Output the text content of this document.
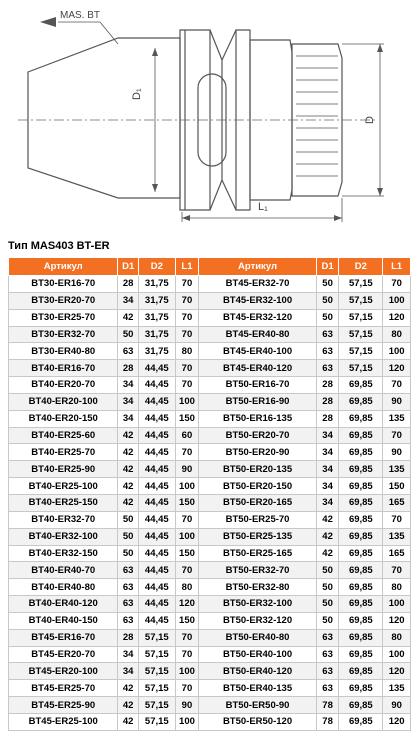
MAS. BT
D₁
D
L₁
Тип MAS403 BT-ER
Артикул	D1	D2	L1	Артикул	D1	D2	L1
BT30-ER16-70	28	31,75	70	BT45-ER32-70	50	57,15	70
BT30-ER20-70	34	31,75	70	BT45-ER32-100	50	57,15	100
BT30-ER25-70	42	31,75	70	BT45-ER32-120	50	57,15	120
BT30-ER32-70	50	31,75	70	BT45-ER40-80	63	57,15	80
BT30-ER40-80	63	31,75	80	BT45-ER40-100	63	57,15	100
BT40-ER16-70	28	44,45	70	BT45-ER40-120	63	57,15	120
BT40-ER20-70	34	44,45	70	BT50-ER16-70	28	69,85	70
BT40-ER20-100	34	44,45	100	BT50-ER16-90	28	69,85	90
BT40-ER20-150	34	44,45	150	BT50-ER16-135	28	69,85	135
BT40-ER25-60	42	44,45	60	BT50-ER20-70	34	69,85	70
BT40-ER25-70	42	44,45	70	BT50-ER20-90	34	69,85	90
BT40-ER25-90	42	44,45	90	BT50-ER20-135	34	69,85	135
BT40-ER25-100	42	44,45	100	BT50-ER20-150	34	69,85	150
BT40-ER25-150	42	44,45	150	BT50-ER20-165	34	69,85	165
BT40-ER32-70	50	44,45	70	BT50-ER25-70	42	69,85	70
BT40-ER32-100	50	44,45	100	BT50-ER25-135	42	69,85	135
BT40-ER32-150	50	44,45	150	BT50-ER25-165	42	69,85	165
BT40-ER40-70	63	44,45	70	BT50-ER32-70	50	69,85	70
BT40-ER40-80	63	44,45	80	BT50-ER32-80	50	69,85	80
BT40-ER40-120	63	44,45	120	BT50-ER32-100	50	69,85	100
BT40-ER40-150	63	44,45	150	BT50-ER32-120	50	69,85	120
BT45-ER16-70	28	57,15	70	BT50-ER40-80	63	69,85	80
BT45-ER20-70	34	57,15	70	BT50-ER40-100	63	69,85	100
BT45-ER20-100	34	57,15	100	BT50-ER40-120	63	69,85	120
BT45-ER25-70	42	57,15	70	BT50-ER40-135	63	69,85	135
BT45-ER25-90	42	57,15	90	BT50-ER50-90	78	69,85	90
BT45-ER25-100	42	57,15	100	BT50-ER50-120	78	69,85	120
